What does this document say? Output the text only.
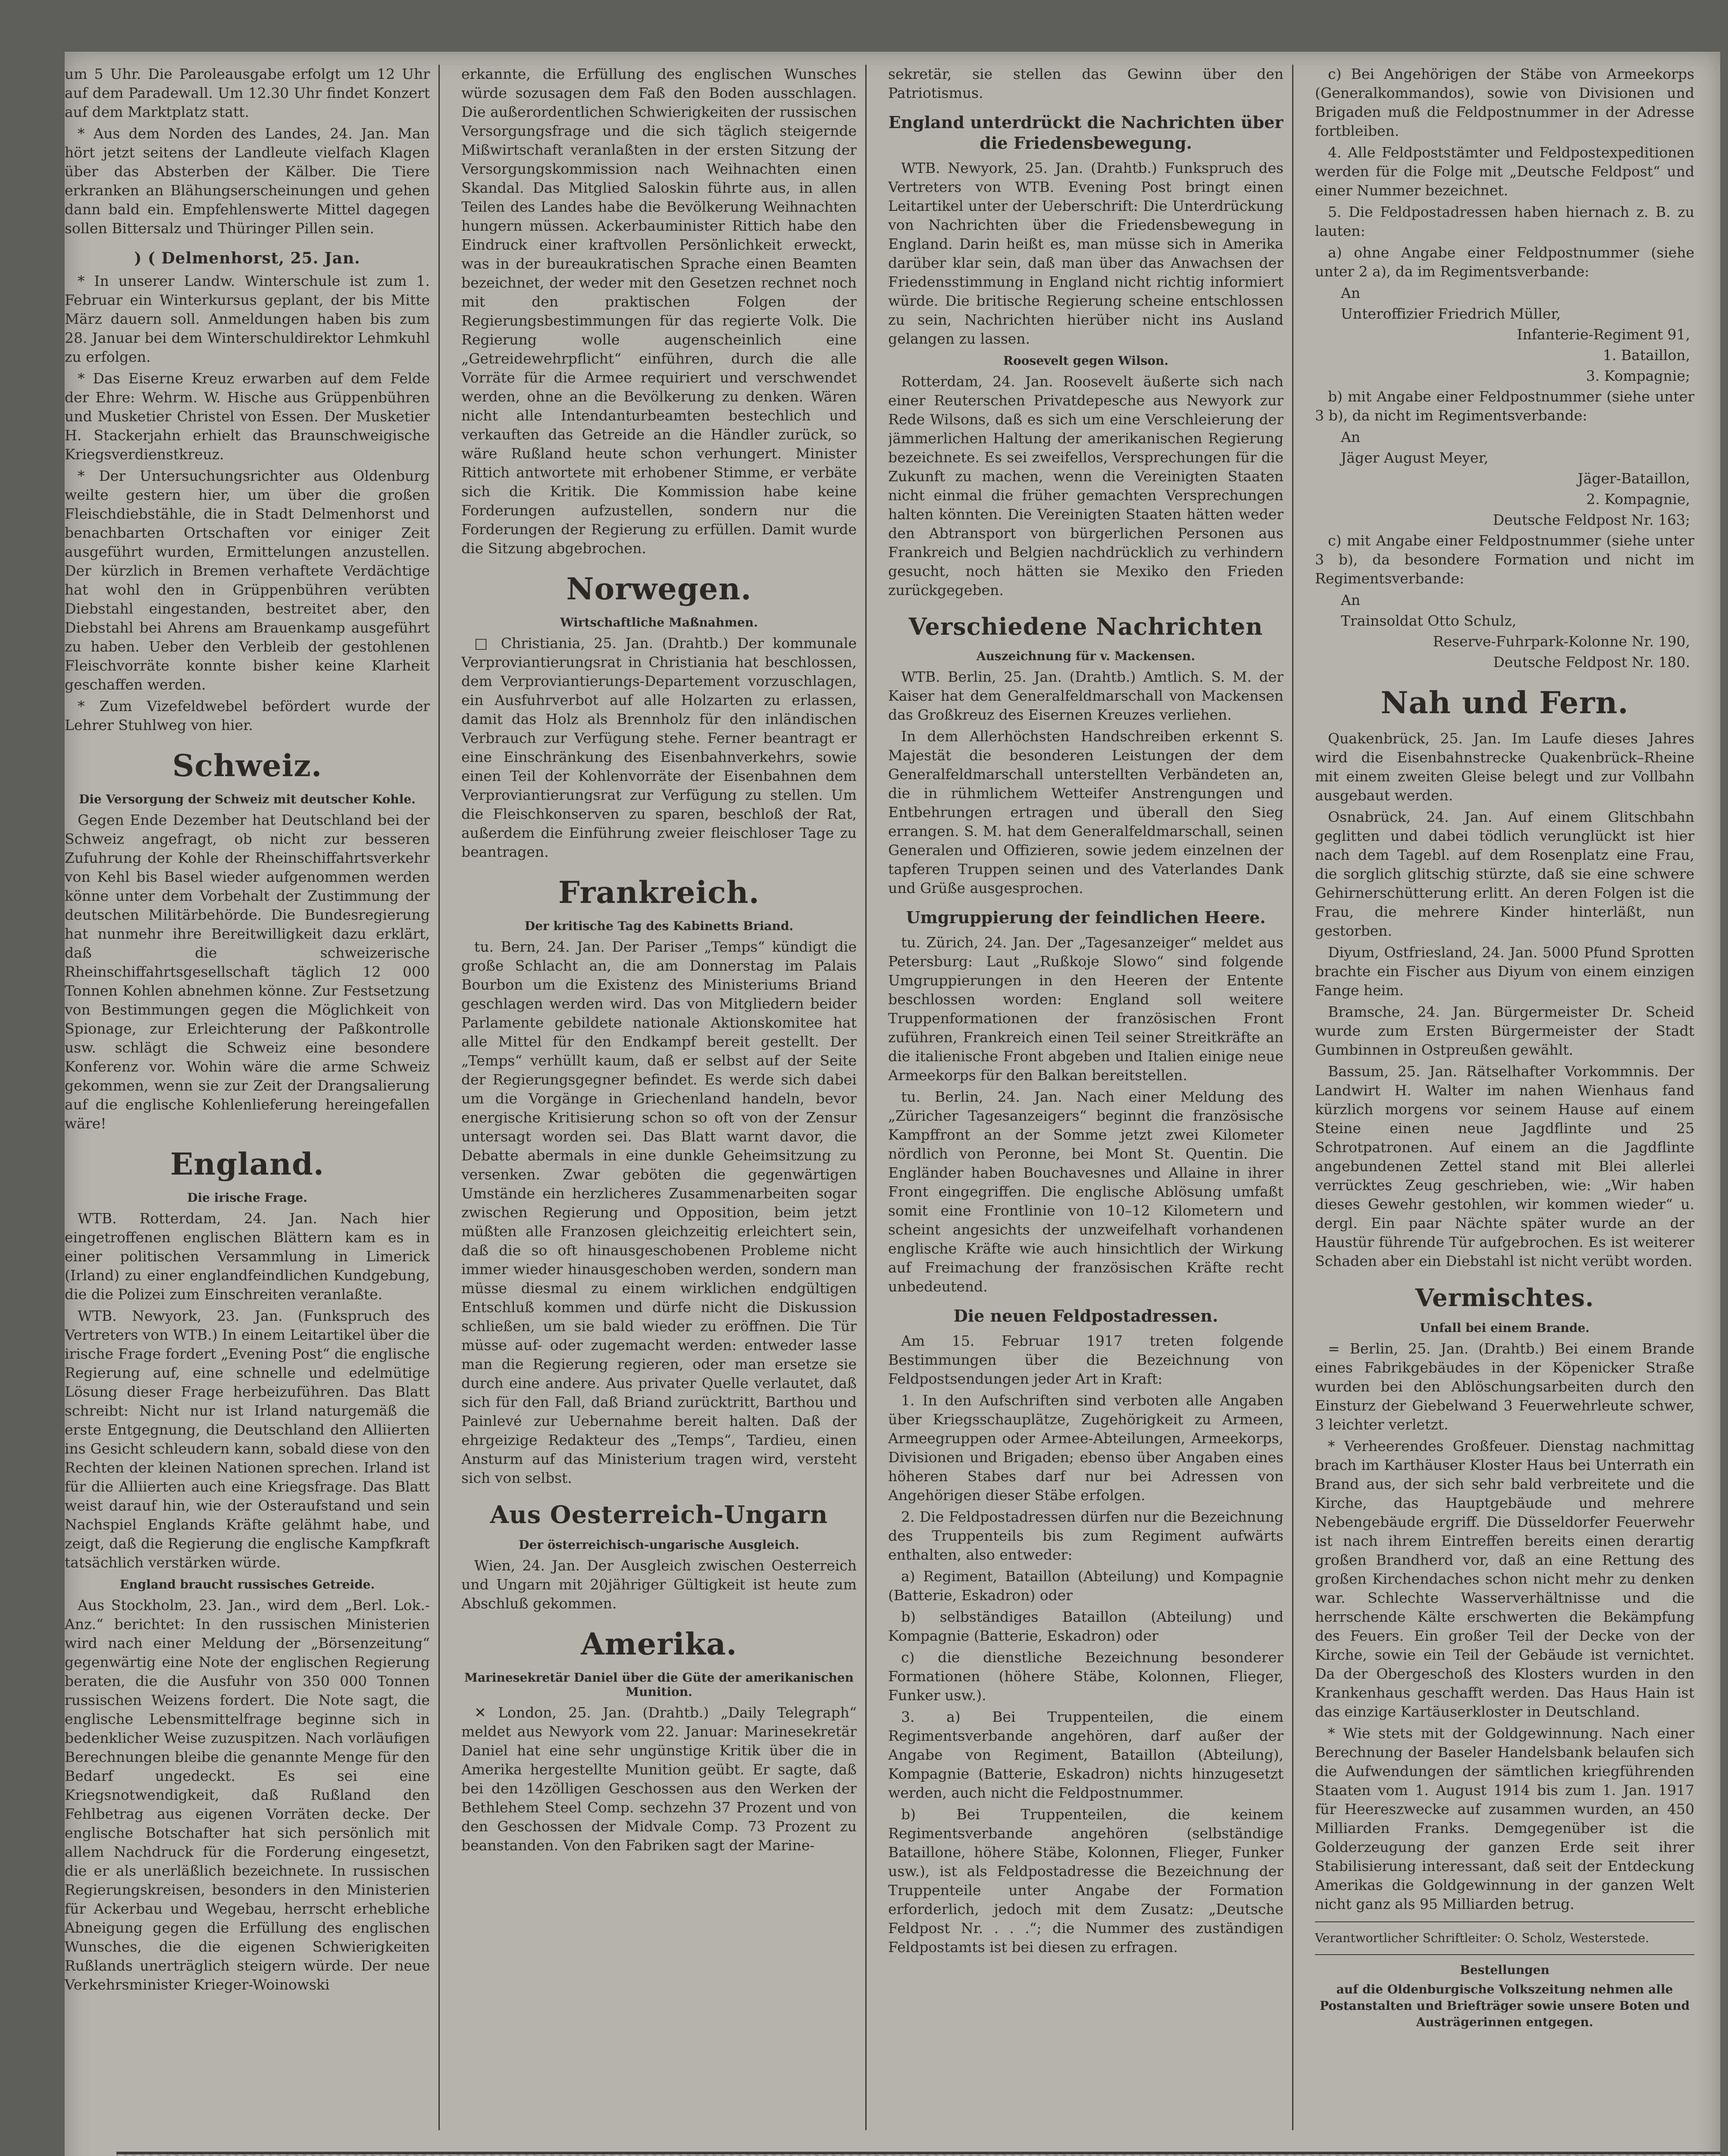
um 5 Uhr. Die Paroleausgabe erfolgt um 12 Uhr auf dem Paradewall. Um 12.30 Uhr findet Konzert auf dem Marktplatz statt.

* Aus dem Norden des Landes, 24. Jan. Man hört jetzt seitens der Landleute vielfach Klagen über das Absterben der Kälber. Die Tiere erkranken an Blähungserscheinungen und gehen dann bald ein. Empfehlenswerte Mittel dagegen sollen Bittersalz und Thüringer Pillen sein.

) ( Delmenhorst, 25. Jan.

* In unserer Landw. Winterschule ist zum 1. Februar ein Winterkursus geplant, der bis Mitte März dauern soll. Anmeldungen haben bis zum 28. Januar bei dem Winterschuldirektor Lehmkuhl zu erfolgen.

* Das Eiserne Kreuz erwarben auf dem Felde der Ehre: Wehrm. W. Hische aus Grüppenbühren und Musketier Christel von Essen. Der Musketier H. Stackerjahn erhielt das Braunschweigische Kriegsverdienstkreuz.

* Der Untersuchungsrichter aus Oldenburg weilte gestern hier, um über die großen Fleischdiebstähle, die in Stadt Delmenhorst und benachbarten Ortschaften vor einiger Zeit ausgeführt wurden, Ermittelungen anzustellen. Der kürzlich in Bremen verhaftete Verdächtige hat wohl den in Grüppenbühren verübten Diebstahl eingestanden, bestreitet aber, den Diebstahl bei Ahrens am Brauenkamp ausgeführt zu haben. Ueber den Verbleib der gestohlenen Fleischvorräte konnte bisher keine Klarheit geschaffen werden.

* Zum Vizefeldwebel befördert wurde der Lehrer Stuhlweg von hier.

Schweiz.
Die Versorgung der Schweiz mit deutscher Kohle.

Gegen Ende Dezember hat Deutschland bei der Schweiz angefragt, ob nicht zur besseren Zufuhrung der Kohle der Rheinschiffahrtsverkehr von Kehl bis Basel wieder aufgenommen werden könne unter dem Vorbehalt der Zustimmung der deutschen Militärbehörde. Die Bundesregierung hat nunmehr ihre Bereitwilligkeit dazu erklärt, daß die schweizerische Rheinschiffahrtsgesellschaft täglich 12 000 Tonnen Kohlen abnehmen könne. Zur Festsetzung von Bestimmungen gegen die Möglichkeit von Spionage, zur Erleichterung der Paßkontrolle usw. schlägt die Schweiz eine besondere Konferenz vor. Wohin wäre die arme Schweiz gekommen, wenn sie zur Zeit der Drangsalierung auf die englische Kohlenlieferung hereingefallen wäre!

England.
Die irische Frage.

WTB. Rotterdam, 24. Jan. Nach hier eingetroffenen englischen Blättern kam es in einer politischen Versammlung in Limerick (Irland) zu einer englandfeindlichen Kundgebung, die die Polizei zum Einschreiten veranlaßte.

WTB. Newyork, 23. Jan. (Funkspruch des Vertreters von WTB.) In einem Leitartikel über die irische Frage fordert „Evening Post“ die englische Regierung auf, eine schnelle und edelmütige Lösung dieser Frage herbeizuführen. Das Blatt schreibt: Nicht nur ist Irland naturgemäß die erste Entgegnung, die Deutschland den Alliierten ins Gesicht schleudern kann, sobald diese von den Rechten der kleinen Nationen sprechen. Irland ist für die Alliierten auch eine Kriegsfrage. Das Blatt weist darauf hin, wie der Osteraufstand und sein Nachspiel Englands Kräfte gelähmt habe, und zeigt, daß die Regierung die englische Kampfkraft tatsächlich verstärken würde.

England braucht russisches Getreide.

Aus Stockholm, 23. Jan., wird dem „Berl. Lok.-Anz.“ berichtet: In den russischen Ministerien wird nach einer Meldung der „Börsenzeitung“ gegenwärtig eine Note der englischen Regierung beraten, die die Ausfuhr von 350 000 Tonnen russischen Weizens fordert. Die Note sagt, die englische Lebensmittelfrage beginne sich in bedenklicher Weise zuzuspitzen. Nach vorläufigen Berechnungen bleibe die genannte Menge für den Bedarf ungedeckt. Es sei eine Kriegsnotwendigkeit, daß Rußland den Fehlbetrag aus eigenen Vorräten decke. Der englische Botschafter hat sich persönlich mit allem Nachdruck für die Forderung eingesetzt, die er als unerläßlich bezeichnete. In russischen Regierungskreisen, besonders in den Ministerien für Ackerbau und Wegebau, herrscht erhebliche Abneigung gegen die Erfüllung des englischen Wunsches, die die eigenen Schwierigkeiten Rußlands unerträglich steigern würde. Der neue Verkehrsminister Krieger-Woinowski

erkannte, die Erfüllung des englischen Wunsches würde sozusagen dem Faß den Boden ausschlagen. Die außerordentlichen Schwierigkeiten der russischen Versorgungsfrage und die sich täglich steigernde Mißwirtschaft veranlaßten in der ersten Sitzung der Versorgungskommission nach Weihnachten einen Skandal. Das Mitglied Saloskin führte aus, in allen Teilen des Landes habe die Bevölkerung Weihnachten hungern müssen. Ackerbauminister Rittich habe den Eindruck einer kraftvollen Persönlichkeit erweckt, was in der bureaukratischen Sprache einen Beamten bezeichnet, der weder mit den Gesetzen rechnet noch mit den praktischen Folgen der Regierungsbestimmungen für das regierte Volk. Die Regierung wolle augenscheinlich eine „Getreidewehrpflicht“ einführen, durch die alle Vorräte für die Armee requiriert und verschwendet werden, ohne an die Bevölkerung zu denken. Wären nicht alle Intendanturbeamten bestechlich und verkauften das Getreide an die Händler zurück, so wäre Rußland heute schon verhungert. Minister Rittich antwortete mit erhobener Stimme, er verbäte sich die Kritik. Die Kommission habe keine Forderungen aufzustellen, sondern nur die Forderungen der Regierung zu erfüllen. Damit wurde die Sitzung abgebrochen.

Norwegen.
Wirtschaftliche Maßnahmen.

□ Christiania, 25. Jan. (Drahtb.) Der kommunale Verproviantierungsrat in Christiania hat beschlossen, dem Verproviantierungs-Departement vorzuschlagen, ein Ausfuhrverbot auf alle Holzarten zu erlassen, damit das Holz als Brennholz für den inländischen Verbrauch zur Verfügung stehe. Ferner beantragt er eine Einschränkung des Eisenbahnverkehrs, sowie einen Teil der Kohlenvorräte der Eisenbahnen dem Verproviantierungsrat zur Verfügung zu stellen. Um die Fleischkonserven zu sparen, beschloß der Rat, außerdem die Einführung zweier fleischloser Tage zu beantragen.

Frankreich.
Der kritische Tag des Kabinetts Briand.

tu. Bern, 24. Jan. Der Pariser „Temps“ kündigt die große Schlacht an, die am Donnerstag im Palais Bourbon um die Existenz des Ministeriums Briand geschlagen werden wird. Das von Mitgliedern beider Parlamente gebildete nationale Aktionskomitee hat alle Mittel für den Endkampf bereit gestellt. Der „Temps“ verhüllt kaum, daß er selbst auf der Seite der Regierungsgegner befindet. Es werde sich dabei um die Vorgänge in Griechenland handeln, bevor energische Kritisierung schon so oft von der Zensur untersagt worden sei. Das Blatt warnt davor, die Debatte abermals in eine dunkle Geheimsitzung zu versenken. Zwar geböten die gegenwärtigen Umstände ein herzlicheres Zusammenarbeiten sogar zwischen Regierung und Opposition, beim jetzt müßten alle Franzosen gleichzeitig erleichtert sein, daß die so oft hinausgeschobenen Probleme nicht immer wieder hinausgeschoben werden, sondern man müsse diesmal zu einem wirklichen endgültigen Entschluß kommen und dürfe nicht die Diskussion schließen, um sie bald wieder zu eröffnen. Die Tür müsse auf- oder zugemacht werden: entweder lasse man die Regierung regieren, oder man ersetze sie durch eine andere. Aus privater Quelle verlautet, daß sich für den Fall, daß Briand zurücktritt, Barthou und Painlevé zur Uebernahme bereit halten. Daß der ehrgeizige Redakteur des „Temps“, Tardieu, einen Ansturm auf das Ministerium tragen wird, versteht sich von selbst.

Aus Oesterreich-Ungarn
Der österreichisch-ungarische Ausgleich.

Wien, 24. Jan. Der Ausgleich zwischen Oesterreich und Ungarn mit 20jähriger Gültigkeit ist heute zum Abschluß gekommen.

Amerika.
Marinesekretär Daniel über die Güte der amerikanischen Munition.

✕ London, 25. Jan. (Drahtb.) „Daily Telegraph“ meldet aus Newyork vom 22. Januar: Marinesekretär Daniel hat eine sehr ungünstige Kritik über die in Amerika hergestellte Munition geübt. Er sagte, daß bei den 14zölligen Geschossen aus den Werken der Bethlehem Steel Comp. sechzehn 37 Prozent und von den Geschossen der Midvale Comp. 73 Prozent zu beanstanden. Von den Fabriken sagt der Marine-

sekretär, sie stellen das Gewinn über den Patriotismus.

England unterdrückt die Nachrichten über die Friedensbewegung.

WTB. Newyork, 25. Jan. (Drahtb.) Funkspruch des Vertreters von WTB. Evening Post bringt einen Leitartikel unter der Ueberschrift: Die Unterdrückung von Nachrichten über die Friedensbewegung in England. Darin heißt es, man müsse sich in Amerika darüber klar sein, daß man über das Anwachsen der Friedensstimmung in England nicht richtig informiert würde. Die britische Regierung scheine entschlossen zu sein, Nachrichten hierüber nicht ins Ausland gelangen zu lassen.

Roosevelt gegen Wilson.

Rotterdam, 24. Jan. Roosevelt äußerte sich nach einer Reuterschen Privatdepesche aus Newyork zur Rede Wilsons, daß es sich um eine Verschleierung der jämmerlichen Haltung der amerikanischen Regierung bezeichnete. Es sei zweifellos, Versprechungen für die Zukunft zu machen, wenn die Vereinigten Staaten nicht einmal die früher gemachten Versprechungen halten könnten. Die Vereinigten Staaten hätten weder den Abtransport von bürgerlichen Personen aus Frankreich und Belgien nachdrücklich zu verhindern gesucht, noch hätten sie Mexiko den Frieden zurückgegeben.

Verschiedene Nachrichten
Auszeichnung für v. Mackensen.

WTB. Berlin, 25. Jan. (Drahtb.) Amtlich. S. M. der Kaiser hat dem Generalfeldmarschall von Mackensen das Großkreuz des Eisernen Kreuzes verliehen.

In dem Allerhöchsten Handschreiben erkennt S. Majestät die besonderen Leistungen der dem Generalfeldmarschall unterstellten Verbändeten an, die in rühmlichem Wetteifer Anstrengungen und Entbehrungen ertragen und überall den Sieg errangen. S. M. hat dem Generalfeldmarschall, seinen Generalen und Offizieren, sowie jedem einzelnen der tapferen Truppen seinen und des Vaterlandes Dank und Grüße ausgesprochen.

Umgruppierung der feindlichen Heere.

tu. Zürich, 24. Jan. Der „Tagesanzeiger“ meldet aus Petersburg: Laut „Rußkoje Slowo“ sind folgende Umgruppierungen in den Heeren der Entente beschlossen worden: England soll weitere Truppenformationen der französischen Front zuführen, Frankreich einen Teil seiner Streitkräfte an die italienische Front abgeben und Italien einige neue Armeekorps für den Balkan bereitstellen.

tu. Berlin, 24. Jan. Nach einer Meldung des „Züricher Tagesanzeigers“ beginnt die französische Kampffront an der Somme jetzt zwei Kilometer nördlich von Peronne, bei Mont St. Quentin. Die Engländer haben Bouchavesnes und Allaine in ihrer Front eingegriffen. Die englische Ablösung umfaßt somit eine Frontlinie von 10–12 Kilometern und scheint angesichts der unzweifelhaft vorhandenen englische Kräfte wie auch hinsichtlich der Wirkung auf Freimachung der französischen Kräfte recht unbedeutend.

Die neuen Feldpostadressen.

Am 15. Februar 1917 treten folgende Bestimmungen über die Bezeichnung von Feldpostsendungen jeder Art in Kraft:

1. In den Aufschriften sind verboten alle Angaben über Kriegsschauplätze, Zugehörigkeit zu Armeen, Armeegruppen oder Armee-Abteilungen, Armeekorps, Divisionen und Brigaden; ebenso über Angaben eines höheren Stabes darf nur bei Adressen von Angehörigen dieser Stäbe erfolgen.

2. Die Feldpostadressen dürfen nur die Bezeichnung des Truppenteils bis zum Regiment aufwärts enthalten, also entweder:

a) Regiment, Bataillon (Abteilung) und Kompagnie (Batterie, Eskadron) oder

b) selbständiges Bataillon (Abteilung) und Kompagnie (Batterie, Eskadron) oder

c) die dienstliche Bezeichnung besonderer Formationen (höhere Stäbe, Kolonnen, Flieger, Funker usw.).

3. a) Bei Truppenteilen, die einem Regimentsverbande angehören, darf außer der Angabe von Regiment, Bataillon (Abteilung), Kompagnie (Batterie, Eskadron) nichts hinzugesetzt werden, auch nicht die Feldpostnummer.

b) Bei Truppenteilen, die keinem Regimentsverbande angehören (selbständige Bataillone, höhere Stäbe, Kolonnen, Flieger, Funker usw.), ist als Feldpostadresse die Bezeichnung der Truppenteile unter Angabe der Formation erforderlich, jedoch mit dem Zusatz: „Deutsche Feldpost Nr. . . .“; die Nummer des zuständigen Feldpostamts ist bei diesen zu erfragen.

c) Bei Angehörigen der Stäbe von Armeekorps (Generalkommandos), sowie von Divisionen und Brigaden muß die Feldpostnummer in der Adresse fortbleiben.

4. Alle Feldpoststämter und Feldpostexpeditionen werden für die Folge mit „Deutsche Feldpost“ und einer Nummer bezeichnet.

5. Die Feldpostadressen haben hiernach z. B. zu lauten:

a) ohne Angabe einer Feldpostnummer (siehe unter 2 a), da im Regimentsverbande:

An
Unteroffizier Friedrich Müller,
Infanterie-Regiment 91,
1. Bataillon,
3. Kompagnie;

b) mit Angabe einer Feldpostnummer (siehe unter 3 b), da nicht im Regimentsverbande:

An
Jäger August Meyer,
Jäger-Bataillon,
2. Kompagnie,
Deutsche Feldpost Nr. 163;

c) mit Angabe einer Feldpostnummer (siehe unter 3 b), da besondere Formation und nicht im Regimentsverbande:

An
Trainsoldat Otto Schulz,
Reserve-Fuhrpark-Kolonne Nr. 190,
Deutsche Feldpost Nr. 180.
Nah und Fern.

Quakenbrück, 25. Jan. Im Laufe dieses Jahres wird die Eisenbahnstrecke Quakenbrück–Rheine mit einem zweiten Gleise belegt und zur Vollbahn ausgebaut werden.

Osnabrück, 24. Jan. Auf einem Glitschbahn geglitten und dabei tödlich verunglückt ist hier nach dem Tagebl. auf dem Rosenplatz eine Frau, die sorglich glitschig stürzte, daß sie eine schwere Gehirnerschütterung erlitt. An deren Folgen ist die Frau, die mehrere Kinder hinterläßt, nun gestorben.

Diyum, Ostfriesland, 24. Jan. 5000 Pfund Sprotten brachte ein Fischer aus Diyum von einem einzigen Fange heim.

Bramsche, 24. Jan. Bürgermeister Dr. Scheid wurde zum Ersten Bürgermeister der Stadt Gumbinnen in Ostpreußen gewählt.

Bassum, 25. Jan. Rätselhafter Vorkommnis. Der Landwirt H. Walter im nahen Wienhaus fand kürzlich morgens vor seinem Hause auf einem Steine einen neue Jagdflinte und 25 Schrotpatronen. Auf einem an die Jagdflinte angebundenen Zettel stand mit Blei allerlei verrücktes Zeug geschrieben, wie: „Wir haben dieses Gewehr gestohlen, wir kommen wieder“ u. dergl. Ein paar Nächte später wurde an der Haustür führende Tür aufgebrochen. Es ist weiterer Schaden aber ein Diebstahl ist nicht verübt worden.

Vermischtes.
Unfall bei einem Brande.

= Berlin, 25. Jan. (Drahtb.) Bei einem Brande eines Fabrikgebäudes in der Köpenicker Straße wurden bei den Ablöschungsarbeiten durch den Einsturz der Giebelwand 3 Feuerwehrleute schwer, 3 leichter verletzt.

* Verheerendes Großfeuer. Dienstag nachmittag brach im Karthäuser Kloster Haus bei Unterrath ein Brand aus, der sich sehr bald verbreitete und die Kirche, das Hauptgebäude und mehrere Nebengebäude ergriff. Die Düsseldorfer Feuerwehr ist nach ihrem Eintreffen bereits einen derartig großen Brandherd vor, daß an eine Rettung des großen Kirchendaches schon nicht mehr zu denken war. Schlechte Wasserverhältnisse und die herrschende Kälte erschwerten die Bekämpfung des Feuers. Ein großer Teil der Decke von der Kirche, sowie ein Teil der Gebäude ist vernichtet. Da der Obergeschoß des Klosters wurden in den Krankenhaus geschafft werden. Das Haus Hain ist das einzige Kartäuserkloster in Deutschland.

* Wie stets mit der Goldgewinnung. Nach einer Berechnung der Baseler Handelsbank belaufen sich die Aufwendungen der sämtlichen kriegführenden Staaten vom 1. August 1914 bis zum 1. Jan. 1917 für Heereszwecke auf zusammen wurden, an 450 Milliarden Franks. Demgegenüber ist die Golderzeugung der ganzen Erde seit ihrer Stabilisierung interessant, daß seit der Entdeckung Amerikas die Goldgewinnung in der ganzen Welt nicht ganz als 95 Milliarden betrug.

Verantwortlicher Schriftleiter: O. Scholz, Westerstede.
Bestellungen
auf die Oldenburgische Volkszeitung nehmen alle Postanstalten und Briefträger sowie unsere Boten und Austrägerinnen entgegen.
